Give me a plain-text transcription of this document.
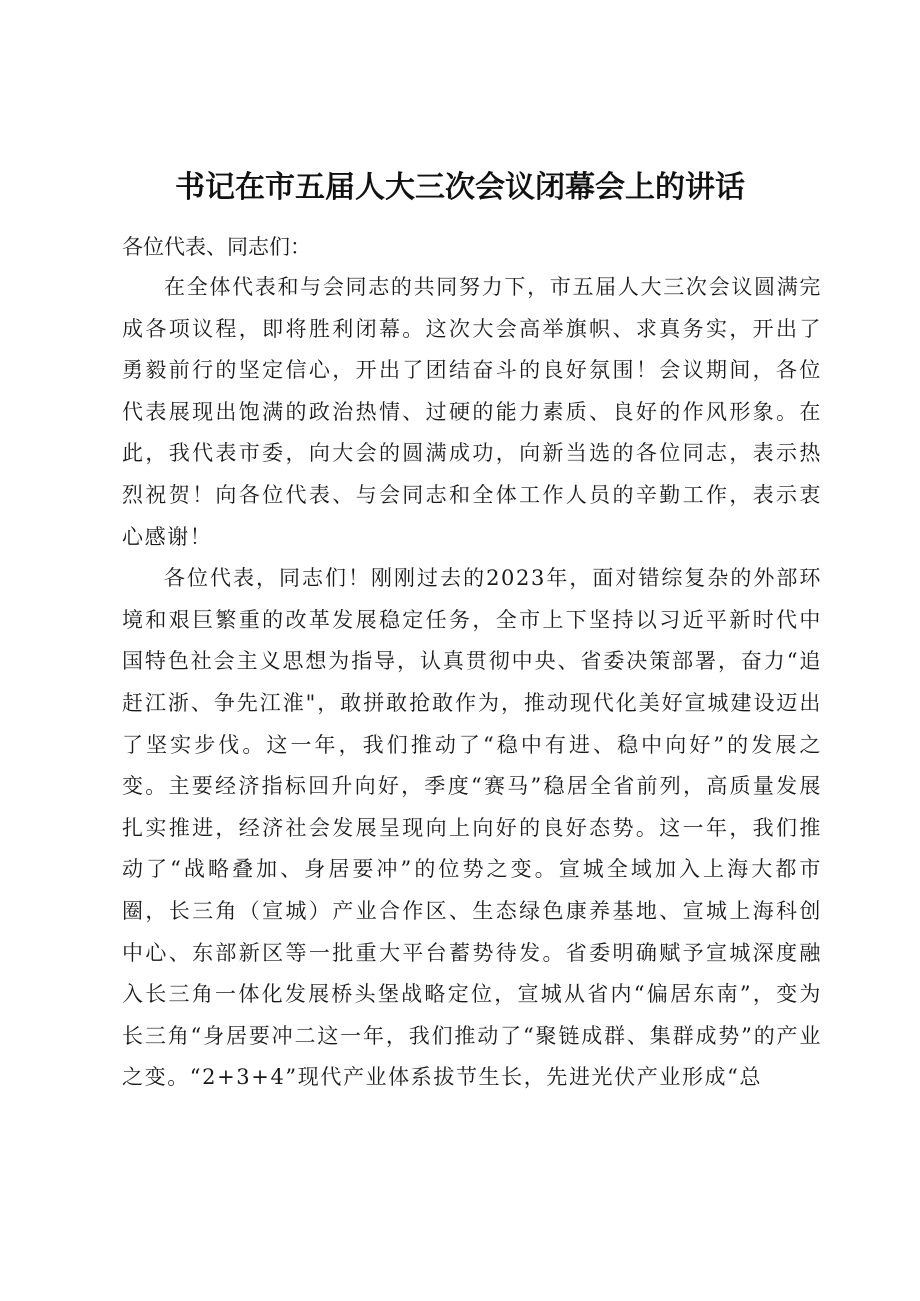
书记在市五届人大三次会议闭幕会上的讲话

各位代表、同志们：

在全体代表和与会同志的共同努力下，市五届人大三次会议圆满完成各项议程，即将胜利闭幕。这次大会高举旗帜、求真务实，开出了勇毅前行的坚定信心，开出了团结奋斗的良好氛围！会议期间，各位代表展现出饱满的政治热情、过硬的能力素质、良好的作风形象。在此，我代表市委，向大会的圆满成功，向新当选的各位同志，表示热烈祝贺！向各位代表、与会同志和全体工作人员的辛勤工作，表示衷心感谢！

各位代表，同志们！刚刚过去的2023年，面对错综复杂的外部环境和艰巨繁重的改革发展稳定任务，全市上下坚持以习近平新时代中国特色社会主义思想为指导，认真贯彻中央、省委决策部署，奋力“追赶江浙、争先江淮"，敢拼敢抢敢作为，推动现代化美好宣城建设迈出了坚实步伐。这一年，我们推动了“稳中有进、稳中向好”的发展之变。主要经济指标回升向好，季度“赛马”稳居全省前列，高质量发展扎实推进，经济社会发展呈现向上向好的良好态势。这一年，我们推动了“战略叠加、身居要冲”的位势之变。宣城全域加入上海大都市圈，长三角（宣城）产业合作区、生态绿色康养基地、宣城上海科创中心、东部新区等一批重大平台蓄势待发。省委明确赋予宣城深度融入长三角一体化发展桥头堡战略定位，宣城从省内“偏居东南”，变为长三角“身居要冲二这一年，我们推动了“聚链成群、集群成势”的产业之变。“2+3+4”现代产业体系拔节生长，先进光伏产业形成“总
